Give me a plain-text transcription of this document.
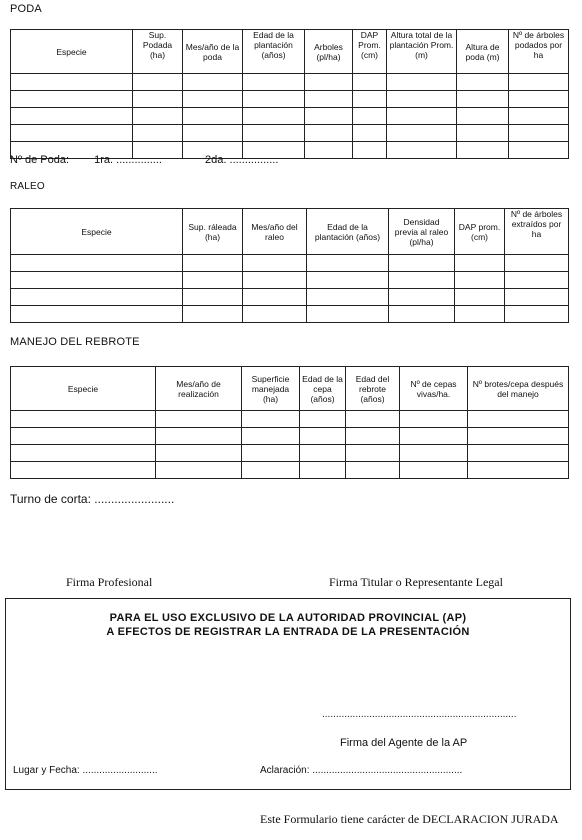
PODA
Especie	Sup. Podada (ha)	Mes/año de la poda	Edad de la plantación (años)	Arboles (pl/ha)	DAP Prom. (cm)	Altura total de la plantación Prom. (m)	Altura de poda (m)	Nº de árboles podados por ha

Nº de Poda: 1ra. ...............	2da. ................
RALEO
Especie	Sup. ráleada (ha)	Mes/año del raleo	Edad de la plantación (años)	Densidad previa al raleo (pl/ha)	DAP prom. (cm)	Nº de árboles extraídos por ha

MANEJO DEL REBROTE
Especie	Mes/año de realización	Superficie manejada (ha)	Edad de la cepa (años)	Edad del rebrote (años)	Nº de cepas vivas/ha.	Nº brotes/cepa después del manejo

Turno de corta: ........................
Firma Profesional	Firma Titular o Representante Legal
PARA EL USO EXCLUSIVO DE LA AUTORIDAD PROVINCIAL (AP)
A EFECTOS DE REGISTRAR LA ENTRADA DE LA PRESENTACIÓN
......................................................................
Firma del Agente de la AP
Lugar y Fecha: ...........................	Aclaración: ......................................................
Este Formulario tiene carácter de DECLARACION JURADA
